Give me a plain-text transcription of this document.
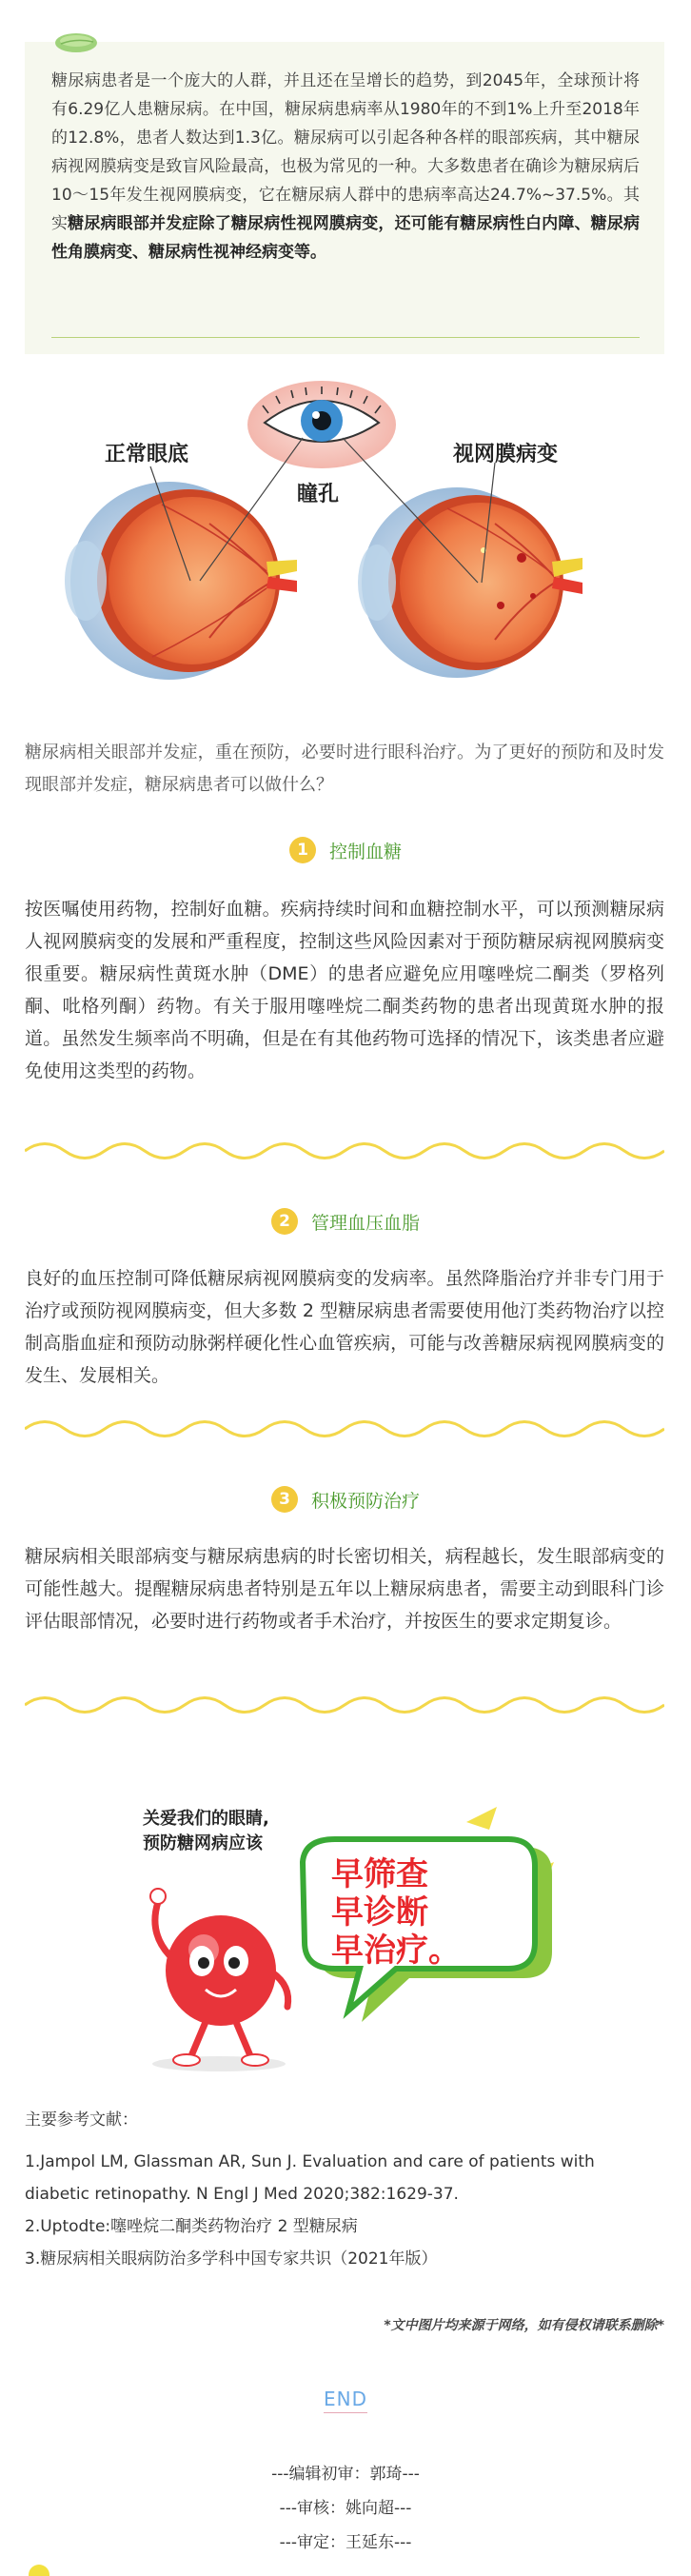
糖尿病患者是一个庞大的人群，并且还在呈增长的趋势，到2045年，全球预计将有6.29亿人患糖尿病。在中国，糖尿病患病率从1980年的不到1%上升至2018年的12.8%，患者人数达到1.3亿。糖尿病可以引起各种各样的眼部疾病，其中糖尿病视网膜病变是致盲风险最高，也极为常见的一种。大多数患者在确诊为糖尿病后10～15年发生视网膜病变，它在糖尿病人群中的患病率高达24.7%~37.5%。其实糖尿病眼部并发症除了糖尿病性视网膜病变，还可能有糖尿病性白内障、糖尿病性角膜病变、糖尿病性视神经病变等。

正常眼底
瞳孔
视网膜病变

糖尿病相关眼部并发症，重在预防，必要时进行眼科治疗。为了更好的预防和及时发现眼部并发症，糖尿病患者可以做什么？

1	控制血糖

按医嘱使用药物，控制好血糖。疾病持续时间和血糖控制水平，可以预测糖尿病人视网膜病变的发展和严重程度，控制这些风险因素对于预防糖尿病视网膜病变很重要。糖尿病性黄斑水肿（DME）的患者应避免应用噻唑烷二酮类（罗格列酮、吡格列酮）药物。有关于服用噻唑烷二酮类药物的患者出现黄斑水肿的报道。虽然发生频率尚不明确，但是在有其他药物可选择的情况下，该类患者应避免使用这类型的药物。

2	管理血压血脂

良好的血压控制可降低糖尿病视网膜病变的发病率。虽然降脂治疗并非专门用于治疗或预防视网膜病变，但大多数 2 型糖尿病患者需要使用他汀类药物治疗以控制高脂血症和预防动脉粥样硬化性心血管疾病，可能与改善糖尿病视网膜病变的发生、发展相关。

3	积极预防治疗

糖尿病相关眼部病变与糖尿病患病的时长密切相关，病程越长，发生眼部病变的可能性越大。提醒糖尿病患者特别是五年以上糖尿病患者，需要主动到眼科门诊评估眼部情况，必要时进行药物或者手术治疗，并按医生的要求定期复诊。

早筛查
早诊断
早治疗。
关爱我们的眼睛,
预防糖网病应该

主要参考文献：

1.Jampol LM, Glassman AR, Sun J. Evaluation and care of patients with diabetic retinopathy. N Engl J Med 2020;382:1629-37.

2.Uptodte:噻唑烷二酮类药物治疗 2 型糖尿病

3.糖尿病相关眼病防治多学科中国专家共识（2021年版）

*文中图片均来源于网络，如有侵权请联系删除*

END

---编辑初审：郭琦---

---审核：姚向超---

---审定：王延东---
